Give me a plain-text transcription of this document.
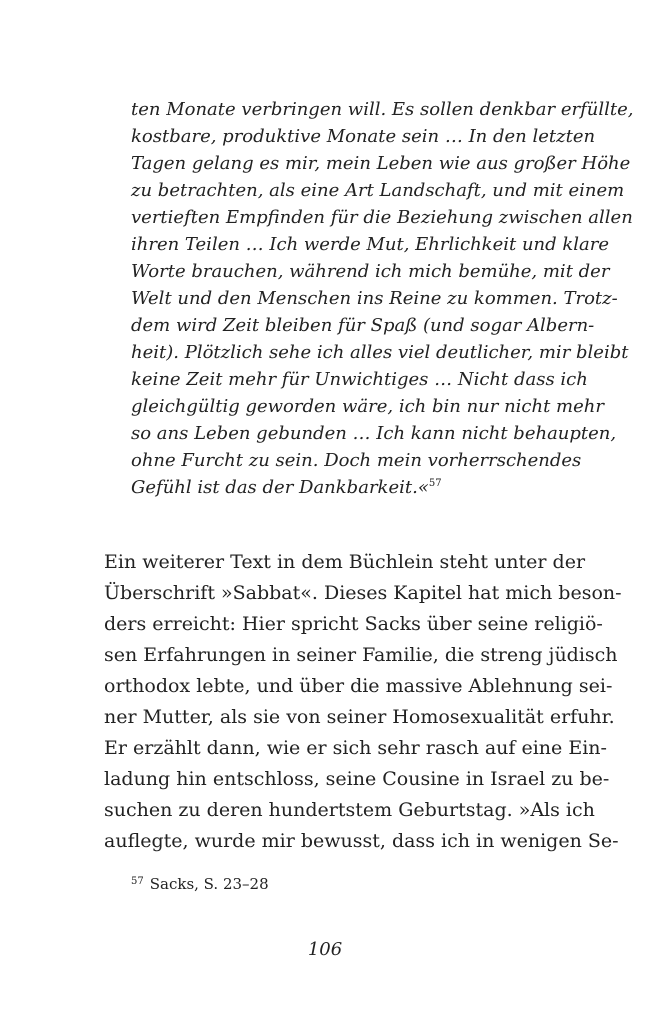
ten Monate verbringen will. Es sollen denkbar erfüllte,
kostbare, produktive Monate sein … In den letzten
Tagen gelang es mir, mein Leben wie aus großer Höhe
zu betrachten, als eine Art Landschaft, und mit einem
vertieften Empfinden für die Beziehung zwischen allen
ihren Teilen … Ich werde Mut, Ehrlichkeit und klare
Worte brauchen, während ich mich bemühe, mit der
Welt und den Menschen ins Reine zu kommen. Trotz-
dem wird Zeit bleiben für Spaß (und sogar Albern-
heit). Plötzlich sehe ich alles viel deutlicher, mir bleibt
keine Zeit mehr für Unwichtiges … Nicht dass ich
gleichgültig geworden wäre, ich bin nur nicht mehr
so ans Leben gebunden … Ich kann nicht behaupten,
ohne Furcht zu sein. Doch mein vorherrschendes
Gefühl ist das der Dankbarkeit.«$^{57}$
Ein weiterer Text in dem Büchlein steht unter der
Überschrift »Sabbat«. Dieses Kapitel hat mich beson-
ders erreicht: Hier spricht Sacks über seine religiö-
sen Erfahrungen in seiner Familie, die streng jüdisch
orthodox lebte, und über die massive Ablehnung sei-
ner Mutter, als sie von seiner Homosexualität erfuhr.
Er erzählt dann, wie er sich sehr rasch auf eine Ein-
ladung hin entschloss, seine Cousine in Israel zu be-
suchen zu deren hundertstem Geburtstag. »Als ich
auflegte, wurde mir bewusst, dass ich in wenigen Se-
$^{57}$ Sacks, S. 23–28
106
